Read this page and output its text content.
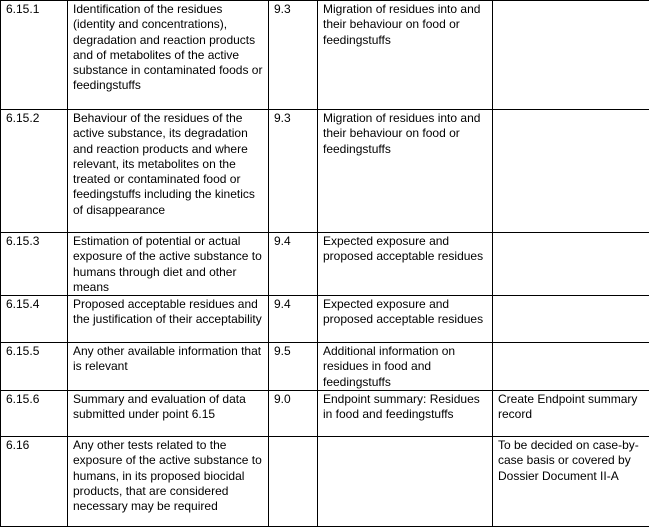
6.15.1	Identification of the residues (identity and concentrations), degradation and reaction products and of metabolites of the active substance in contaminated foods or feedingstuffs	9.3	Migration of residues into and their behaviour on food or feedingstuffs	
6.15.2	Behaviour of the residues of the active substance, its degradation and reaction products and where relevant, its metabolites on the treated or contaminated food or feedingstuffs including the kinetics of disappearance	9.3	Migration of residues into and their behaviour on food or feedingstuffs	
6.15.3	Estimation of potential or actual exposure of the active substance to humans through diet and other means	9.4	Expected exposure and proposed acceptable residues	
6.15.4	Proposed acceptable residues and the justification of their acceptability	9.4	Expected exposure and proposed acceptable residues	
6.15.5	Any other available information that is relevant	9.5	Additional information on residues in food and feedingstuffs	
6.15.6	Summary and evaluation of data submitted under point 6.15	9.0	Endpoint summary: Residues in food and feedingstuffs	Create Endpoint summary record
6.16	Any other tests related to the exposure of the active substance to humans, in its proposed biocidal products, that are considered necessary may be required			To be decided on case-by-case basis or covered by Dossier Document II-A
